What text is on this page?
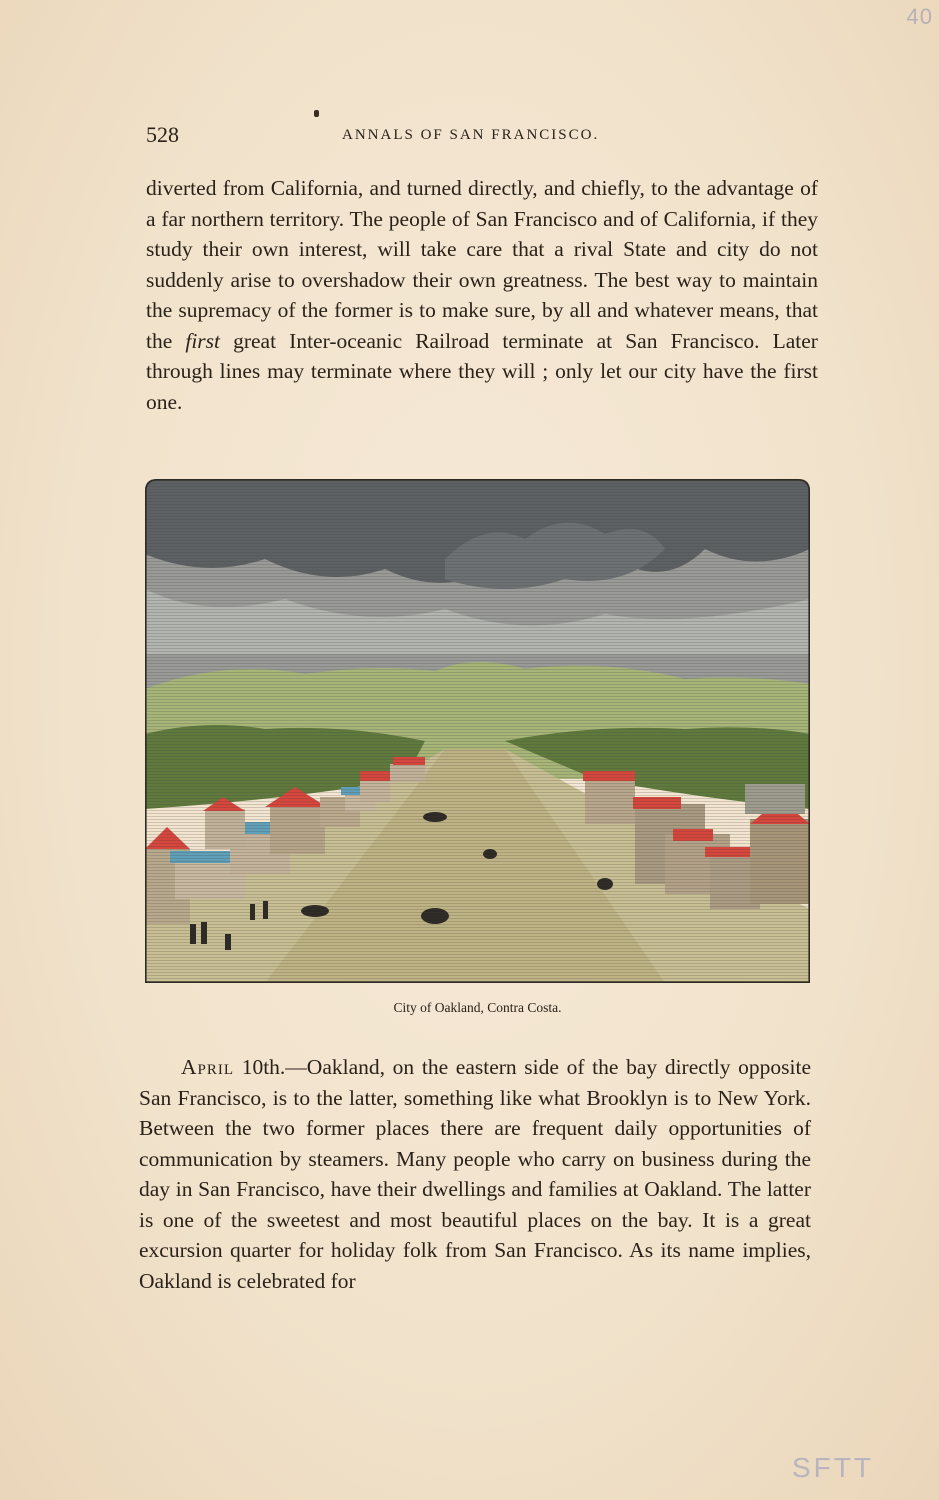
40
528	ANNALS OF SAN FRANCISCO.

diverted from California, and turned directly, and chiefly, to the advantage of a far northern territory. The people of San Francisco and of California, if they study their own interest, will take care that a rival State and city do not suddenly arise to overshadow their own greatness. The best way to maintain the supremacy of the former is to make sure, by all and whatever means, that the first great Inter-oceanic Railroad terminate at San Francisco. Later through lines may terminate where they will ; only let our city have the first one.

City of Oakland, Contra Costa.

April 10th.—Oakland, on the eastern side of the bay directly opposite San Francisco, is to the latter, something like what Brooklyn is to New York. Between the two former places there are frequent daily opportunities of communication by steamers. Many people who carry on business during the day in San Francisco, have their dwellings and families at Oakland. The latter is one of the sweetest and most beautiful places on the bay. It is a great excursion quarter for holiday folk from San Francisco. As its name implies, Oakland is celebrated for

SFTT
